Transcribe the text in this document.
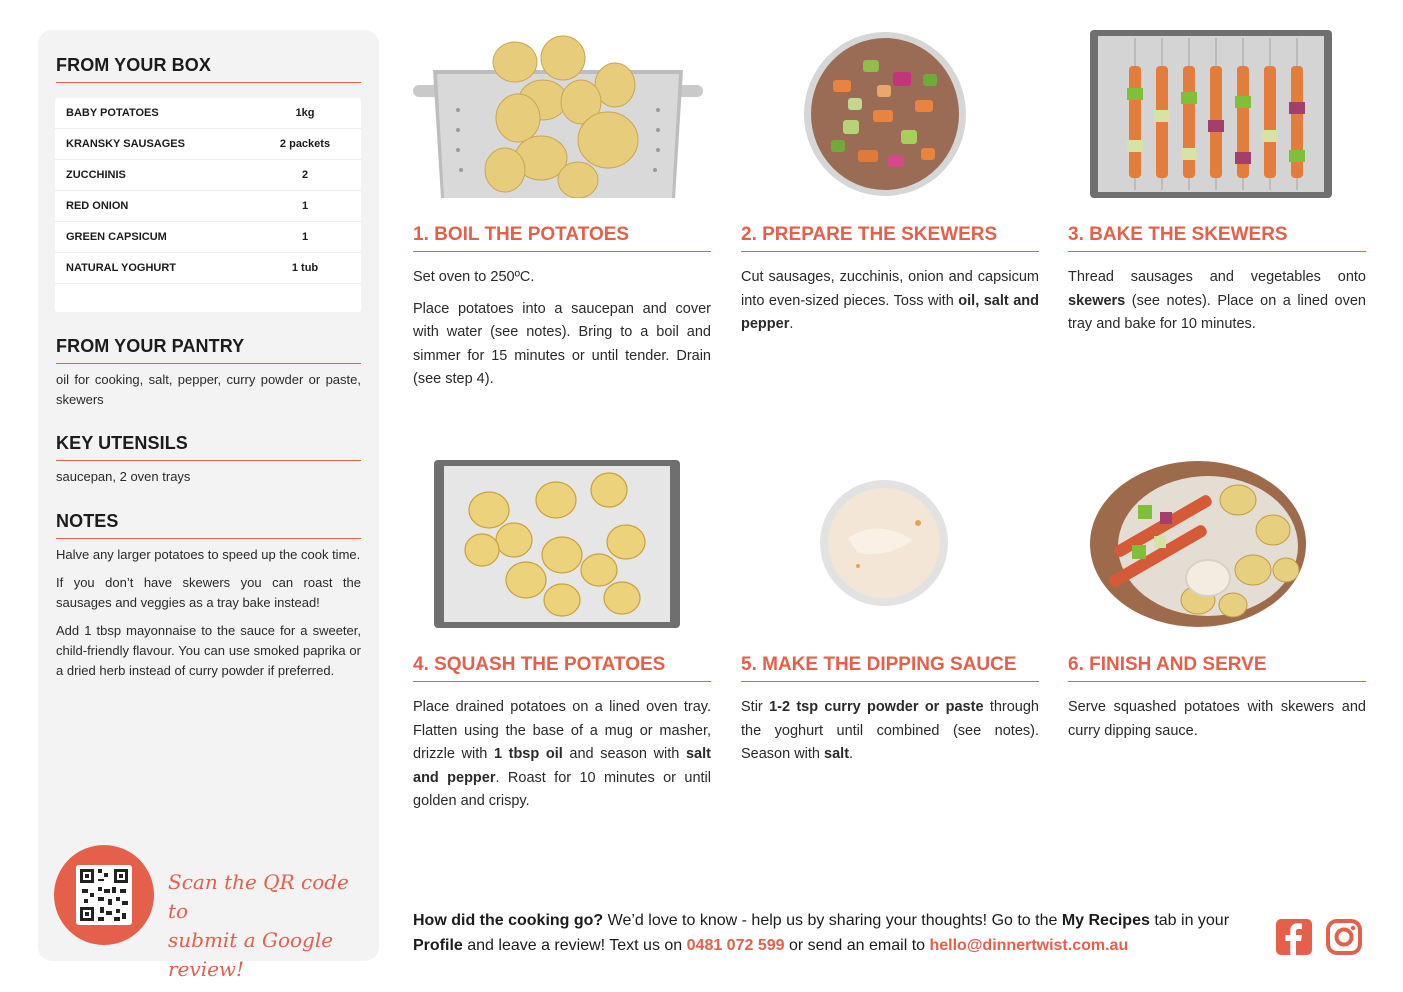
FROM YOUR BOX
BABY POTATOES	1kg
KRANSKY SAUSAGES	2 packets
ZUCCHINIS	2
RED ONION	1
GREEN CAPSICUM	1
NATURAL YOGHURT	1 tub
FROM YOUR PANTRY
oil for cooking, salt, pepper, curry powder or paste, skewers
KEY UTENSILS
saucepan, 2 oven trays
NOTES

Halve any larger potatoes to speed up the cook time.

If you don’t have skewers you can roast the sausages and veggies as a tray bake instead!

Add 1 tbsp mayonnaise to the sauce for a sweeter, child-friendly flavour. You can use smoked paprika or a dried herb instead of curry powder if preferred.

Scan the QR code to
submit a Google review!
1. BOIL THE POTATOES

Set oven to 250ºC.

Place potatoes into a saucepan and cover with water (see notes). Bring to a boil and simmer for 15 minutes or until tender. Drain (see step 4).

2. PREPARE THE SKEWERS

Cut sausages, zucchinis, onion and capsicum into even-sized pieces. Toss with oil, salt and pepper.

3. BAKE THE SKEWERS

Thread sausages and vegetables onto skewers (see notes). Place on a lined oven tray and bake for 10 minutes.

4. SQUASH THE POTATOES

Place drained potatoes on a lined oven tray. Flatten using the base of a mug or masher, drizzle with 1 tbsp oil and season with salt and pepper. Roast for 10 minutes or until golden and crispy.

5. MAKE THE DIPPING SAUCE

Stir 1-2 tsp curry powder or paste through the yoghurt until combined (see notes). Season with salt.

6. FINISH AND SERVE

Serve squashed potatoes with skewers and curry dipping sauce.

How did the cooking go? We’d love to know - help us by sharing your thoughts! Go to the My Recipes tab in your Profile and leave a review! Text us on 0481 072 599 or send an email to hello@dinnertwist.com.au
